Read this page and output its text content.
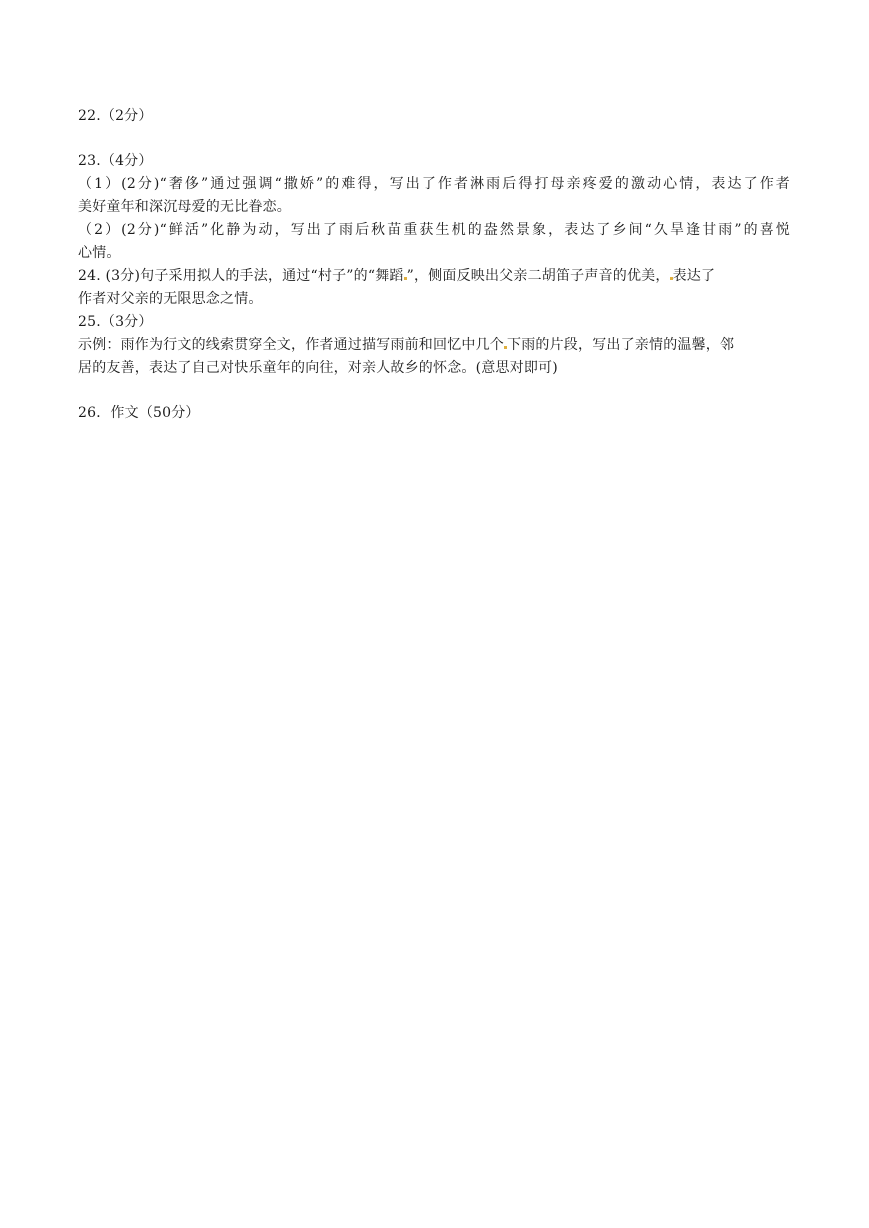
22.（2分）
23.（4分）
（1）(2分)“奢侈”通过强调“撒娇”的难得，写出了作者淋雨后得打母亲疼爱的激动心情，表达了作者
美好童年和深沉母爱的无比眷恋。
（2）(2分)“鲜活”化静为动，写出了雨后秋苗重获生机的盎然景象，表达了乡间“久旱逢甘雨”的喜悦
心情。
24. (3分)句子采用拟人的手法，通过“村子”的“舞蹈 ”，侧面反映出父亲二胡笛子声音的优美， 表达了
作者对父亲的无限思念之情。
25.（3分）
示例：雨作为行文的线索贯穿全文，作者通过描写雨前和回忆中几个 下雨的片段，写出了亲情的温馨，邻
居的友善，表达了自己对快乐童年的向往，对亲人故乡的怀念。(意思对即可)
26．作文（50分）
